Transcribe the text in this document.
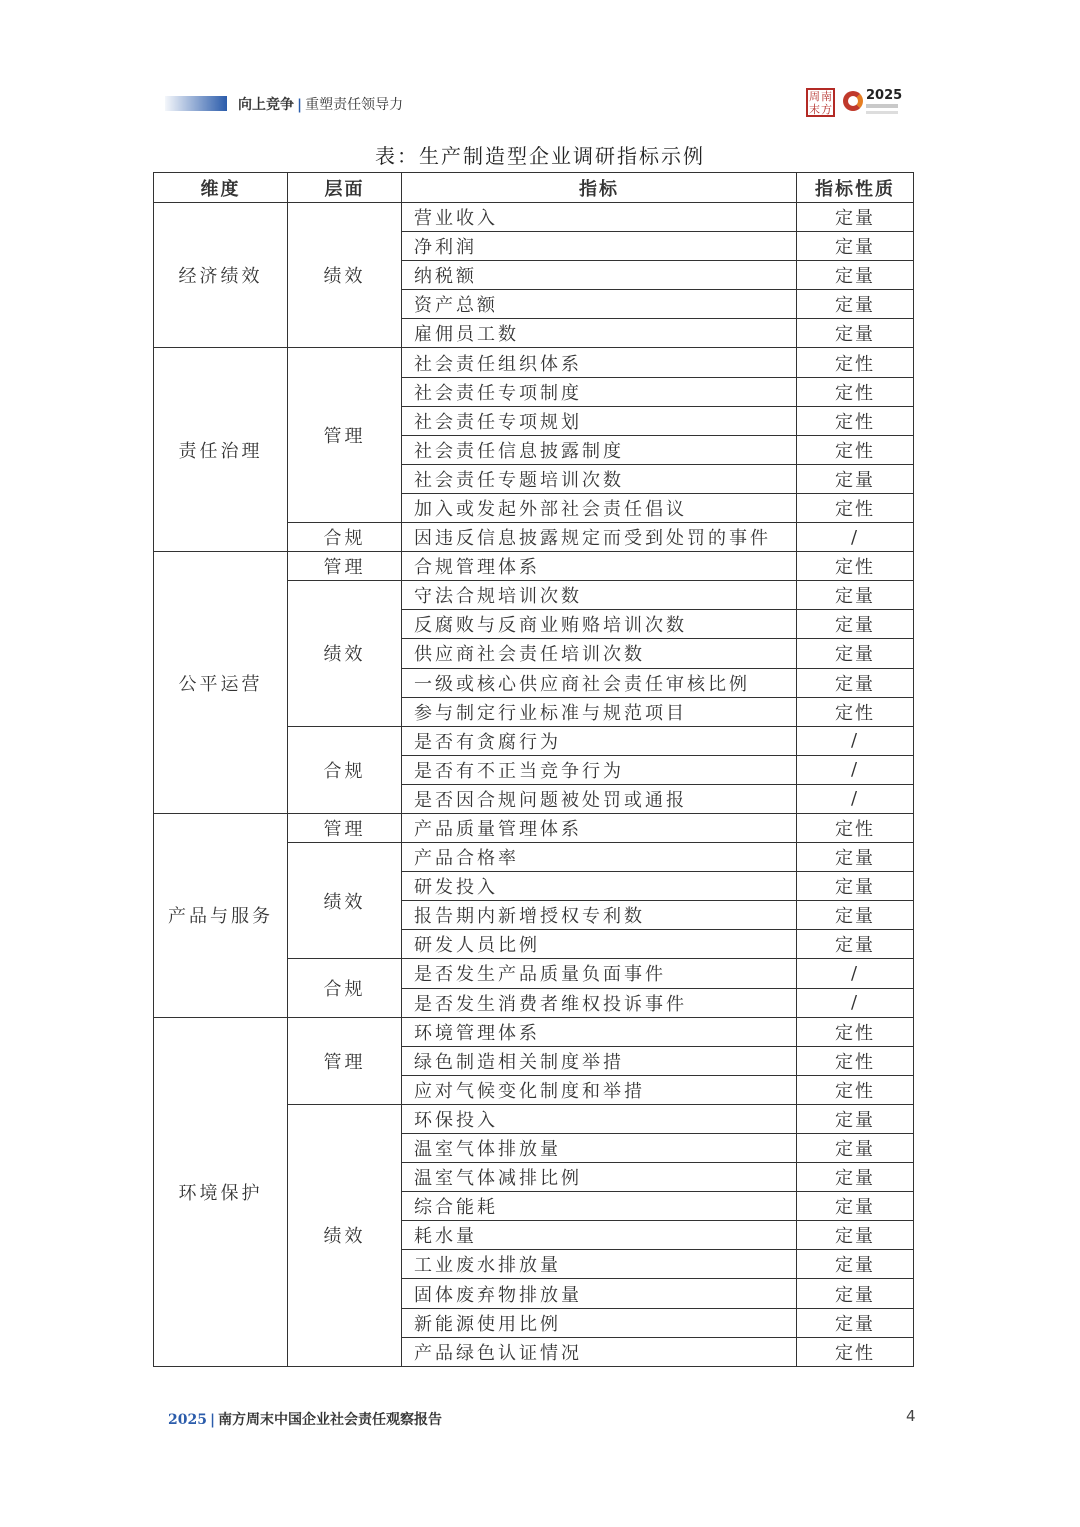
向上竞争 | 重塑责任领导力
周 南
末 方
2025
表：生产制造型企业调研指标示例
维度	层面	指标	指标性质
经济绩效	绩效	营业收入	定量
		净利润	定量
		纳税额	定量
		资产总额	定量
		雇佣员工数	定量
责任治理	管理	社会责任组织体系	定性
		社会责任专项制度	定性
		社会责任专项规划	定性
		社会责任信息披露制度	定性
		社会责任专题培训次数	定量
		加入或发起外部社会责任倡议	定性
	合规	因违反信息披露规定而受到处罚的事件	/
公平运营	管理	合规管理体系	定性
	绩效	守法合规培训次数	定量
		反腐败与反商业贿赂培训次数	定量
		供应商社会责任培训次数	定量
		一级或核心供应商社会责任审核比例	定量
		参与制定行业标准与规范项目	定性
	合规	是否有贪腐行为	/
		是否有不正当竞争行为	/
		是否因合规问题被处罚或通报	/
产品与服务	管理	产品质量管理体系	定性
	绩效	产品合格率	定量
		研发投入	定量
		报告期内新增授权专利数	定量
		研发人员比例	定量
	合规	是否发生产品质量负面事件	/
		是否发生消费者维权投诉事件	/
环境保护	管理	环境管理体系	定性
		绿色制造相关制度举措	定性
		应对气候变化制度和举措	定性
	绩效	环保投入	定量
		温室气体排放量	定量
		温室气体减排比例	定量
		综合能耗	定量
		耗水量	定量
		工业废水排放量	定量
		固体废弃物排放量	定量
		新能源使用比例	定量
		产品绿色认证情况	定性
2025 | 南方周末中国企业社会责任观察报告	4
